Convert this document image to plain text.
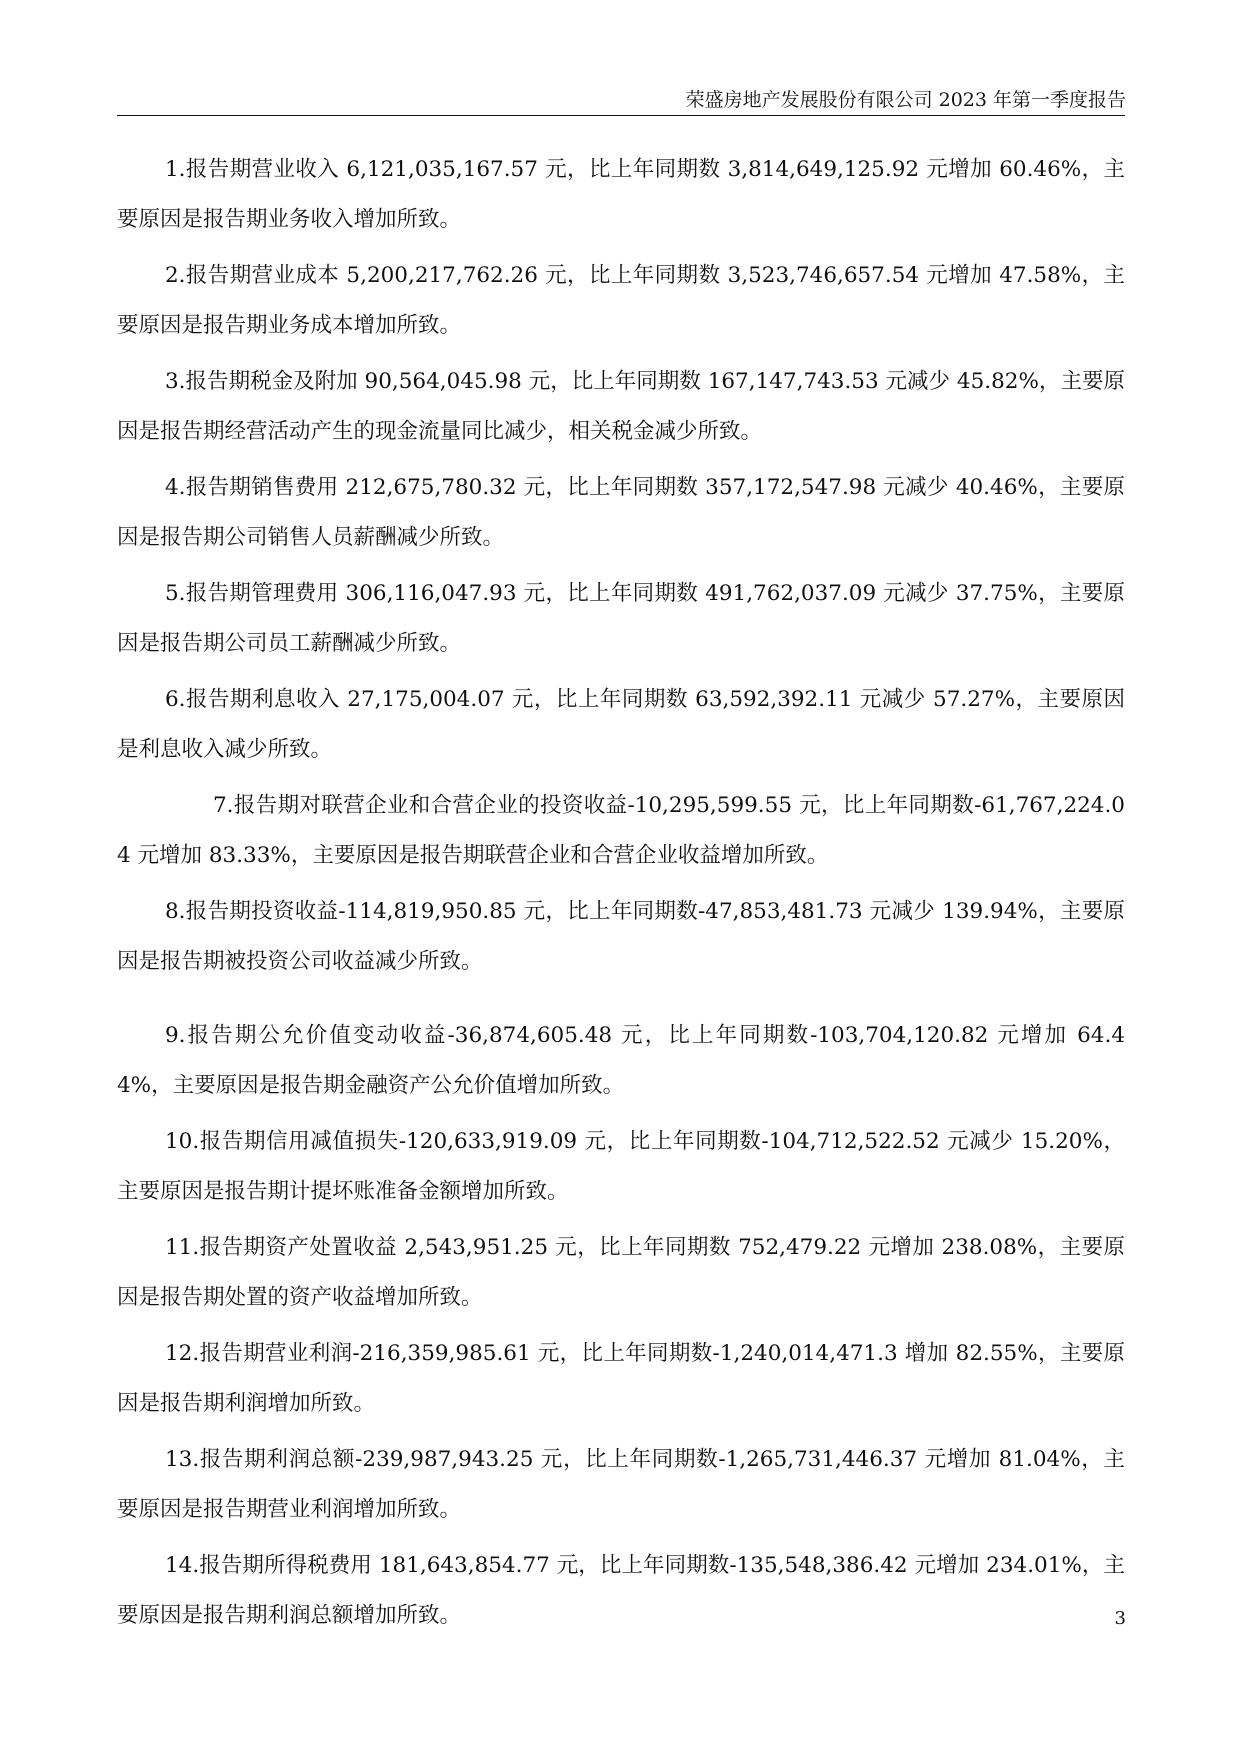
荣盛房地产发展股份有限公司 2023 年第一季度报告

1.报告期营业收入 6,121,035,167.57 元，比上年同期数 3,814,649,125.92 元增加 60.46%，主要原因是报告期业务收入增加所致。

2.报告期营业成本 5,200,217,762.26 元，比上年同期数 3,523,746,657.54 元增加 47.58%，主要原因是报告期业务成本增加所致。

3.报告期税金及附加 90,564,045.98 元，比上年同期数 167,147,743.53 元减少 45.82%，主要原因是报告期经营活动产生的现金流量同比减少，相关税金减少所致。

4.报告期销售费用 212,675,780.32 元，比上年同期数 357,172,547.98 元减少 40.46%，主要原因是报告期公司销售人员薪酬减少所致。

5.报告期管理费用 306,116,047.93 元，比上年同期数 491,762,037.09 元减少 37.75%，主要原因是报告期公司员工薪酬减少所致。

6.报告期利息收入 27,175,004.07 元，比上年同期数 63,592,392.11 元减少 57.27%，主要原因是利息收入减少所致。

7.报告期对联营企业和合营企业的投资收益-10,295,599.55 元，比上年同期数-61,767,224.04 元增加 83.33%，主要原因是报告期联营企业和合营企业收益增加所致。

8.报告期投资收益-114,819,950.85 元，比上年同期数-47,853,481.73 元减少 139.94%，主要原因是报告期被投资公司收益减少所致。

9.报告期公允价值变动收益-36,874,605.48 元，比上年同期数-103,704,120.82 元增加 64.44%，主要原因是报告期金融资产公允价值增加所致。

10.报告期信用减值损失-120,633,919.09 元，比上年同期数-104,712,522.52 元减少 15.20%，主要原因是报告期计提坏账准备金额增加所致。

11.报告期资产处置收益 2,543,951.25 元，比上年同期数 752,479.22 元增加 238.08%，主要原因是报告期处置的资产收益增加所致。

12.报告期营业利润-216,359,985.61 元，比上年同期数-1,240,014,471.3 增加 82.55%，主要原因是报告期利润增加所致。

13.报告期利润总额-239,987,943.25 元，比上年同期数-1,265,731,446.37 元增加 81.04%，主要原因是报告期营业利润增加所致。

14.报告期所得税费用 181,643,854.77 元，比上年同期数-135,548,386.42 元增加 234.01%，主要原因是报告期利润总额增加所致。	3
